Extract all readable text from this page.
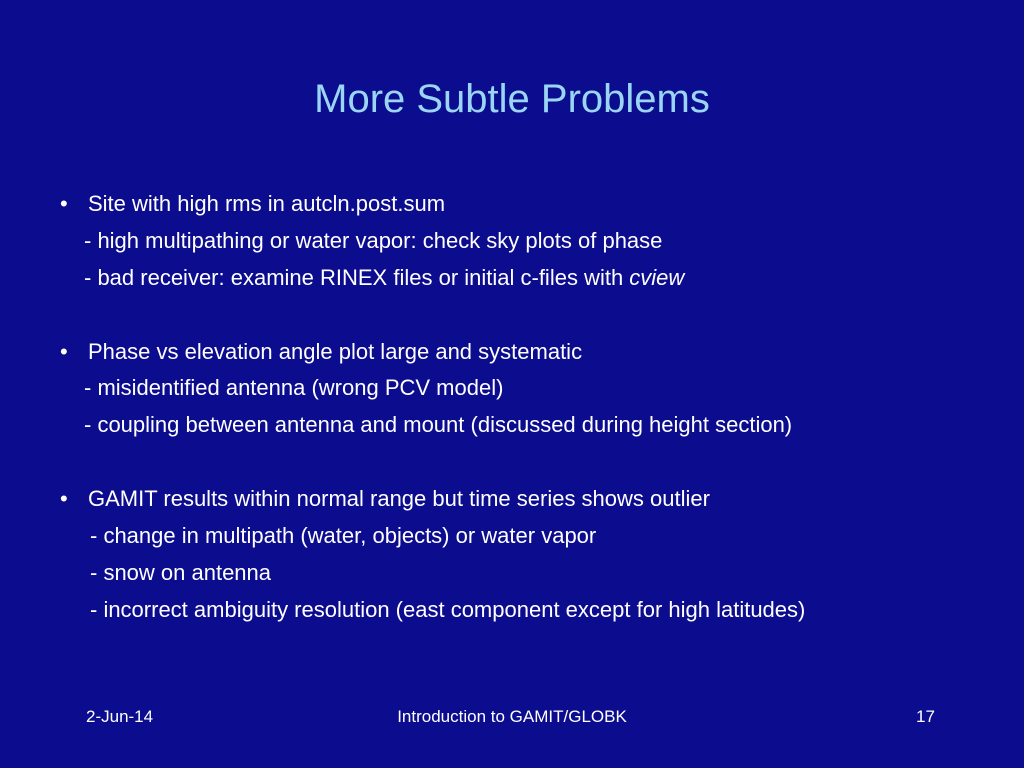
More Subtle Problems
• Site with high rms in autcln.post.sum
- high multipathing or water vapor: check sky plots of phase
- bad receiver: examine RINEX files or initial c-files with cview
• Phase vs elevation angle plot large and systematic
- misidentified antenna (wrong PCV model)
- coupling between antenna and mount (discussed during height section)
• GAMIT results within normal range but time series shows outlier
- change in multipath (water, objects) or water vapor
- snow on antenna
- incorrect ambiguity resolution (east component except for high latitudes)
2-Jun-14	Introduction to GAMIT/GLOBK	17
